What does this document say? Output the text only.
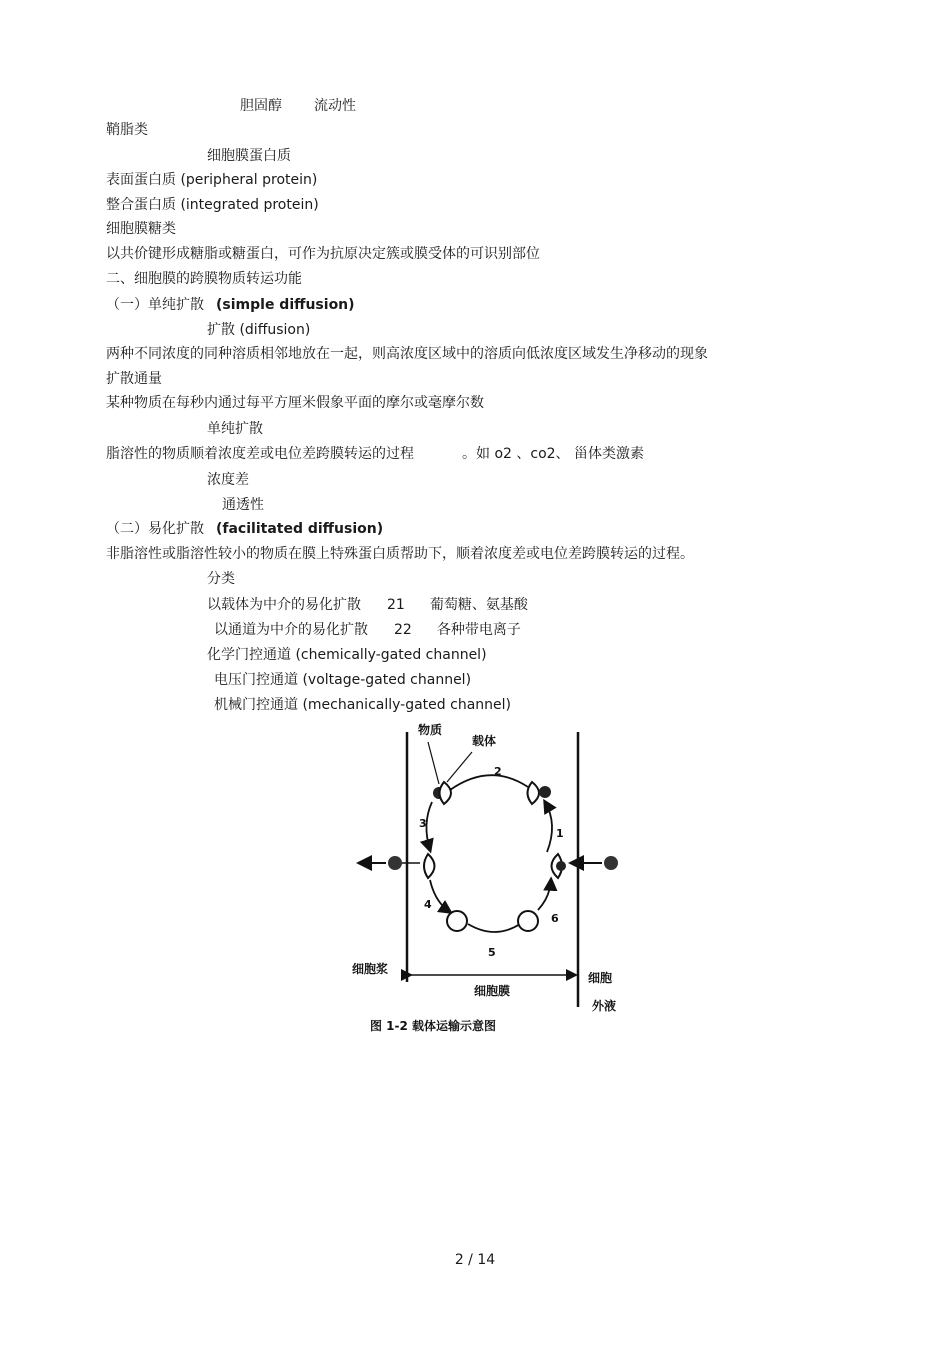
胆固醇 流动性
鞘脂类
细胞膜蛋白质
表面蛋白质 (peripheral protein)
整合蛋白质 (integrated protein)
细胞膜糖类
以共价键形成糖脂或糖蛋白，可作为抗原决定簇或膜受体的可识别部位
二、细胞膜的跨膜物质转运功能
（一）单纯扩散 (simple diffusion)
扩散 (diffusion)
两种不同浓度的同种溶质相邻地放在一起，则高浓度区域中的溶质向低浓度区域发生净移动的现象
扩散通量
某种物质在每秒内通过每平方厘米假象平面的摩尔或毫摩尔数
单纯扩散
脂溶性的物质顺着浓度差或电位差跨膜转运的过程	。如 o2 、co2、 甾体类激素
浓度差
通透性
（二）易化扩散 (facilitated diffusion)
非脂溶性或脂溶性较小的物质在膜上特殊蛋白质帮助下，顺着浓度差或电位差跨膜转运的过程。
分类
以载体为中介的易化扩散 21 葡萄糖、氨基酸
以通道为中介的易化扩散 22 各种带电离子
化学门控通道 (chemically-gated channel)
电压门控通道 (voltage-gated channel)
机械门控通道 (mechanically-gated channel)
物质
载体
2
1
3
4
5
6
细胞浆
细胞膜
细胞
外液
图 1-2 载体运输示意图
2 / 14
